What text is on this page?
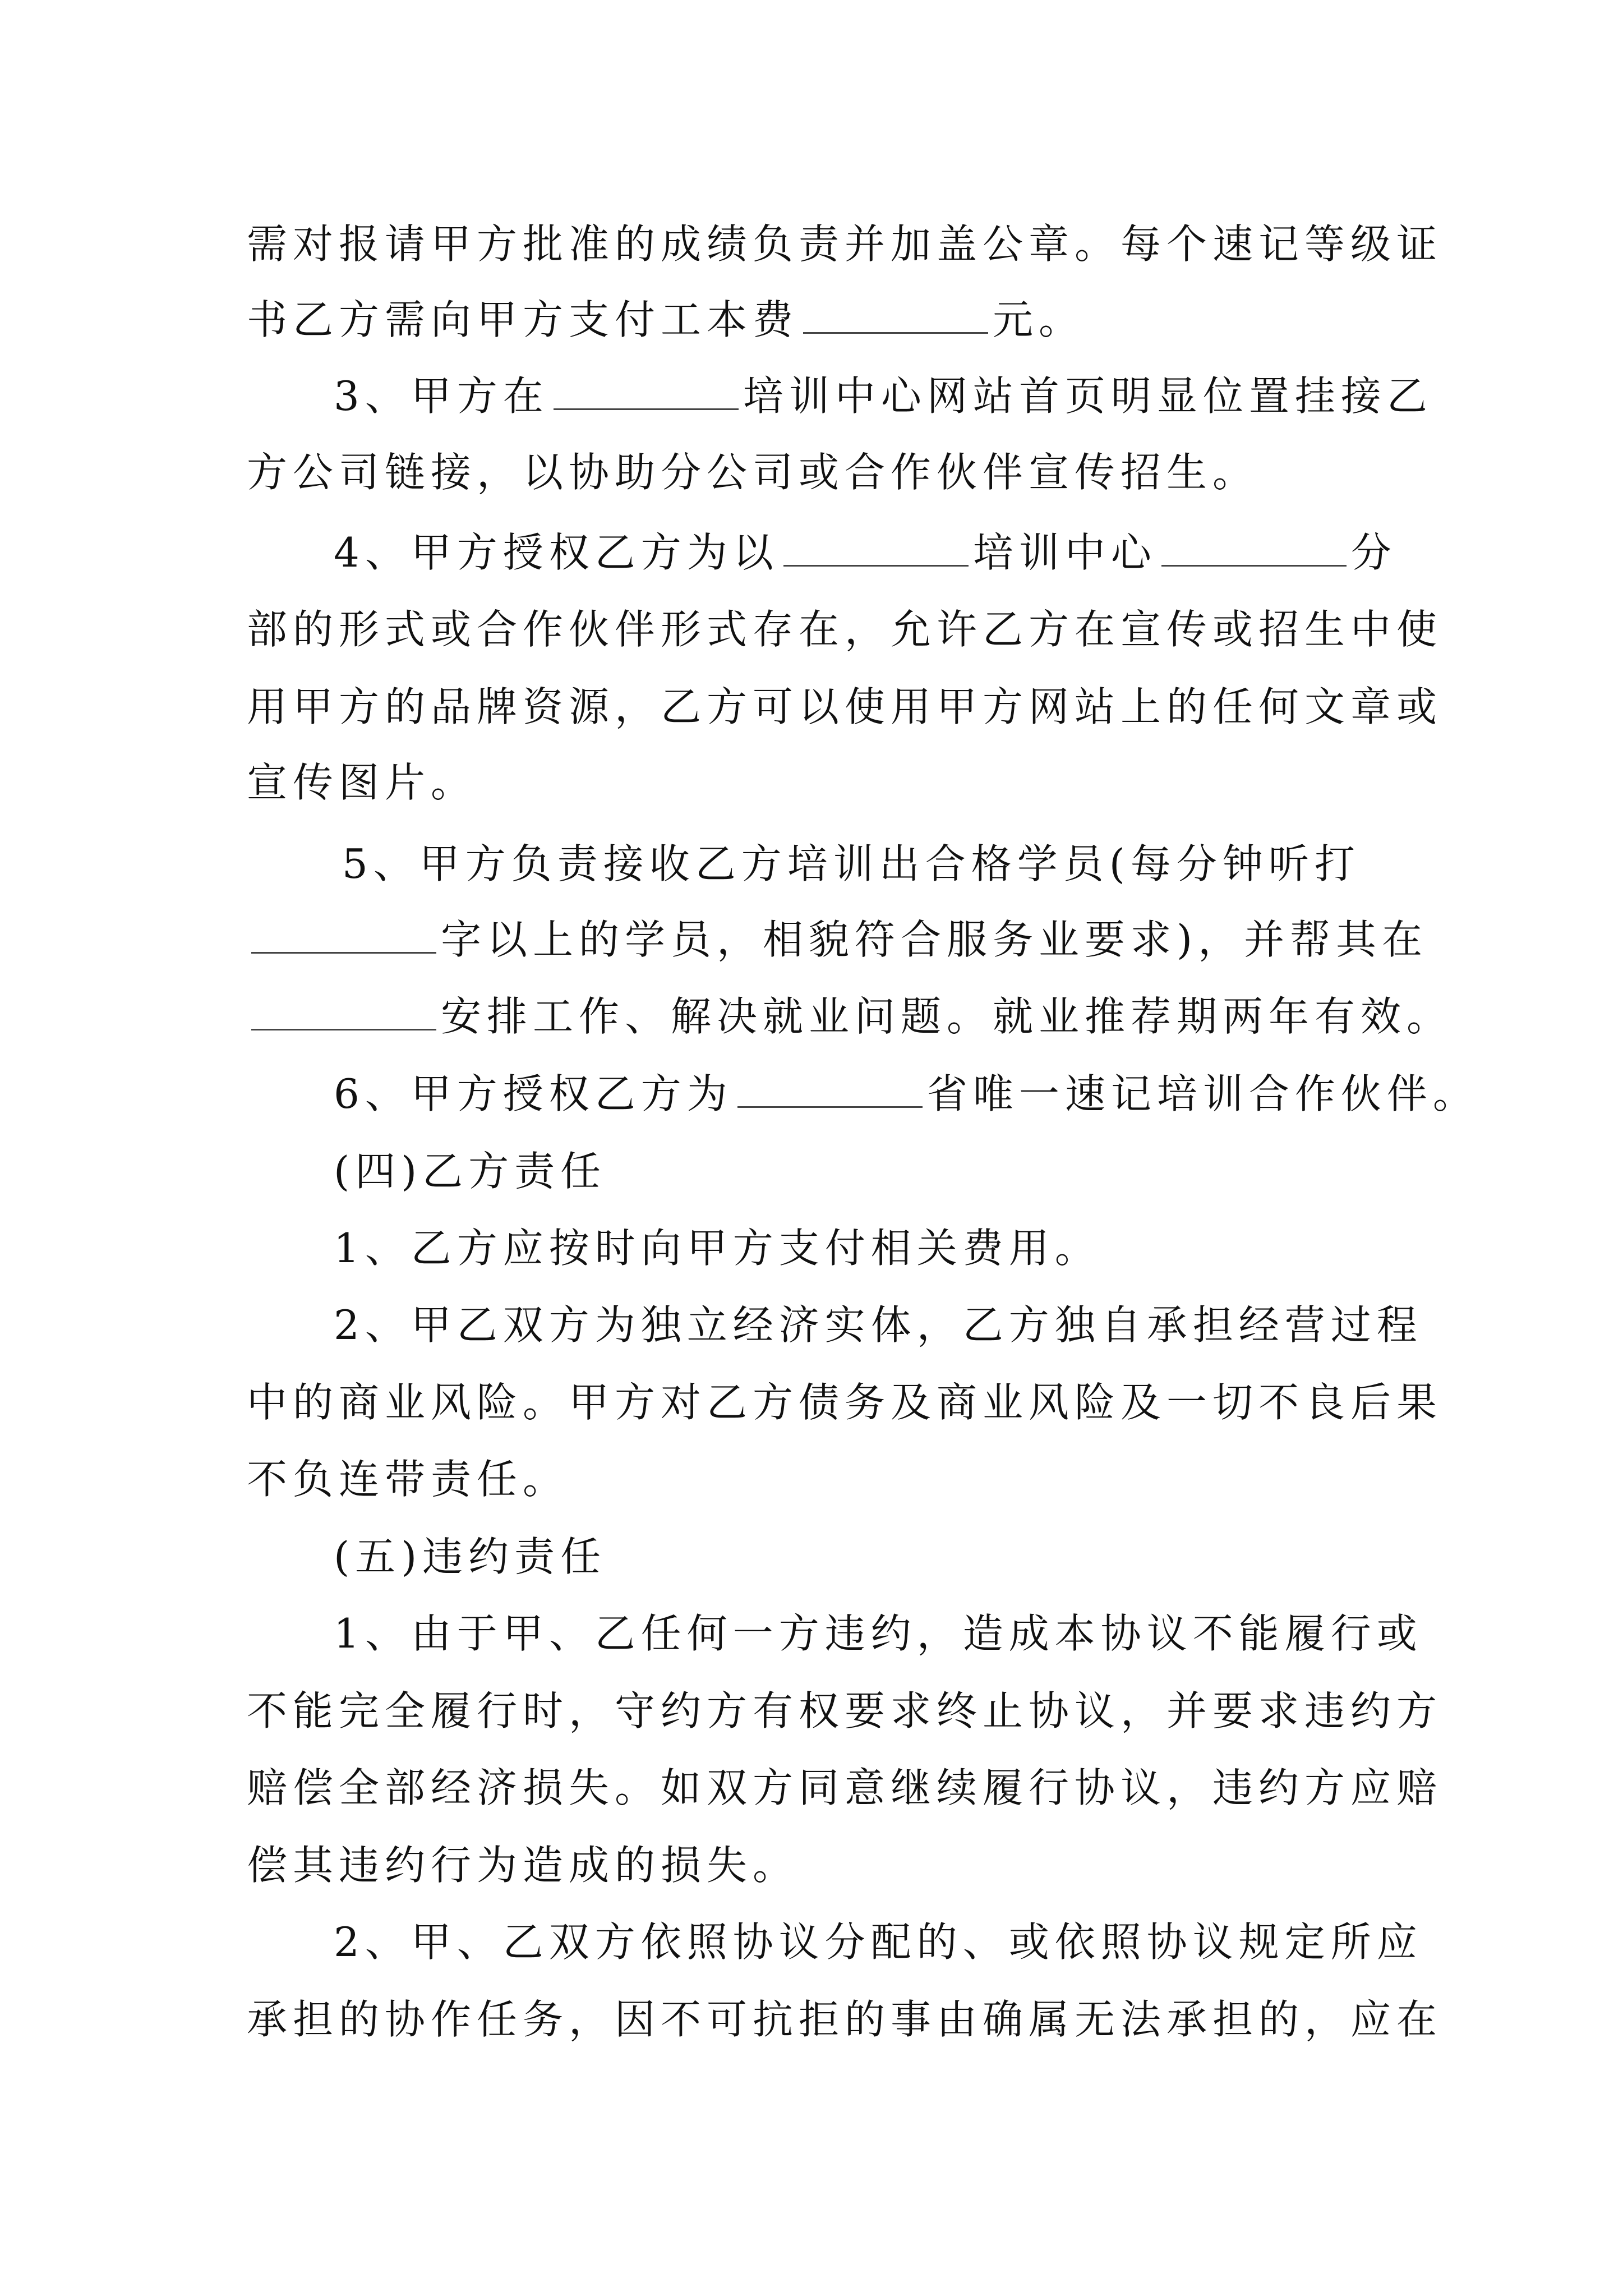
需对报请甲方批准的成绩负责并加盖公章。每个速记等级证
书乙方需向甲方支付工本费	元。
3、甲方在	培训中心网站首页明显位置挂接乙
方公司链接，以协助分公司或合作伙伴宣传招生。
4、甲方授权乙方为以	培训中心	分
部的形式或合作伙伴形式存在，允许乙方在宣传或招生中使
用甲方的品牌资源，乙方可以使用甲方网站上的任何文章或
宣传图片。
5、甲方负责接收乙方培训出合格学员(每分钟听打
字以上的学员，相貌符合服务业要求)，并帮其在
安排工作、解决就业问题。就业推荐期两年有效。
6、甲方授权乙方为	省唯一速记培训合作伙伴。
(四)乙方责任
1、乙方应按时向甲方支付相关费用。
2、甲乙双方为独立经济实体，乙方独自承担经营过程
中的商业风险。甲方对乙方债务及商业风险及一切不良后果
不负连带责任。
(五)违约责任
1、由于甲、乙任何一方违约，造成本协议不能履行或
不能完全履行时，守约方有权要求终止协议，并要求违约方
赔偿全部经济损失。如双方同意继续履行协议，违约方应赔
偿其违约行为造成的损失。
2、甲、乙双方依照协议分配的、或依照协议规定所应
承担的协作任务，因不可抗拒的事由确属无法承担的，应在
